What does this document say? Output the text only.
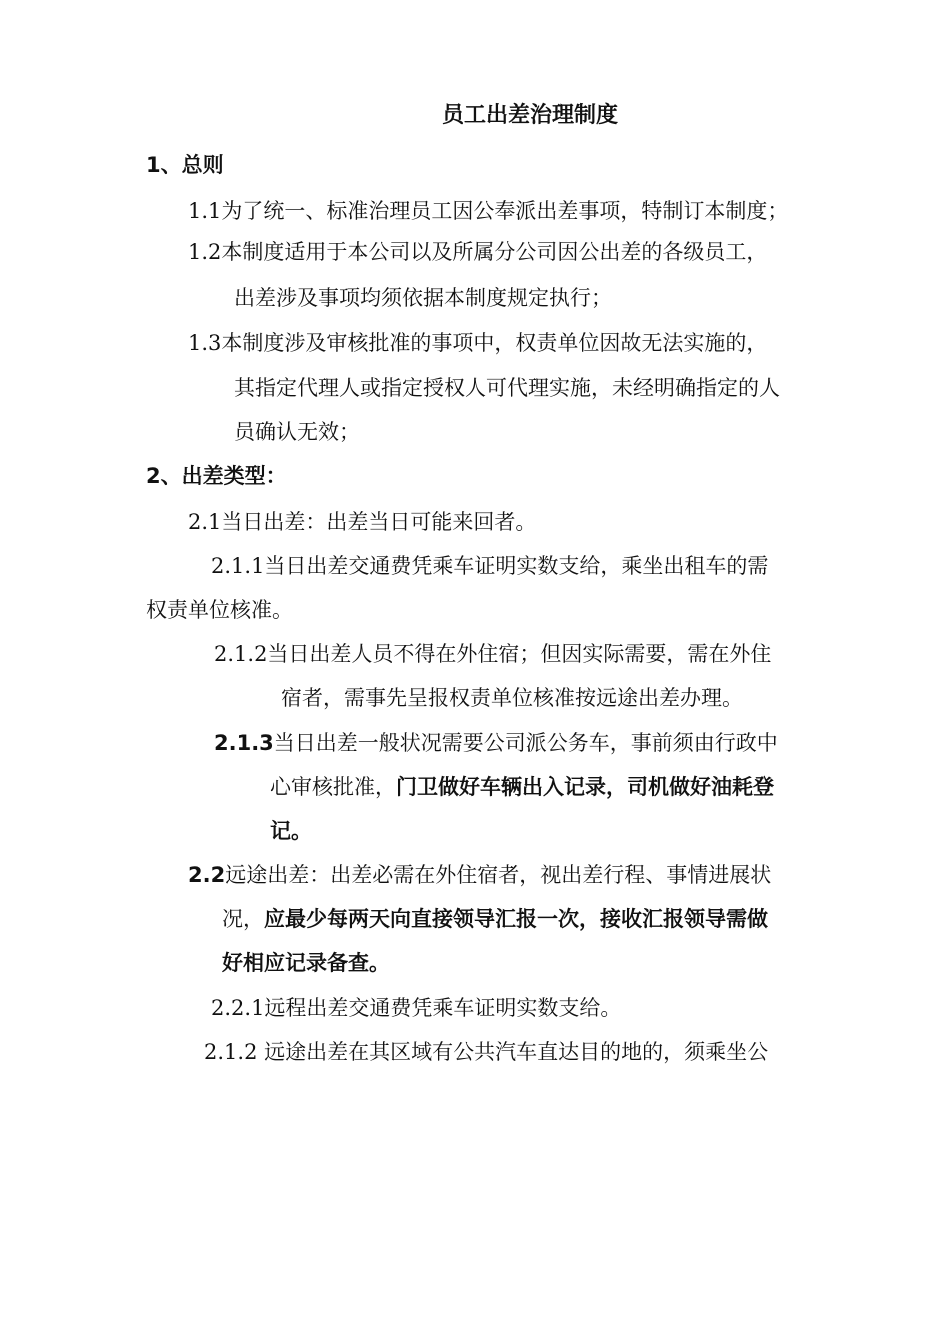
员工出差治理制度
1、总则
1.1为了统一、标准治理员工因公奉派出差事项，特制订本制度；
1.2本制度适用于本公司以及所属分公司因公出差的各级员工，
出差涉及事项均须依据本制度规定执行；
1.3本制度涉及审核批准的事项中，权责单位因故无法实施的，
其指定代理人或指定授权人可代理实施，未经明确指定的人
员确认无效；
2、出差类型：
2.1当日出差：出差当日可能来回者。
2.1.1当日出差交通费凭乘车证明实数支给，乘坐出租车的需
权责单位核准。
2.1.2当日出差人员不得在外住宿；但因实际需要，需在外住
宿者，需事先呈报权责单位核准按远途出差办理。
2.1.3当日出差一般状况需要公司派公务车，事前须由行政中
心审核批准，门卫做好车辆出入记录，司机做好油耗登
记。
2.2远途出差：出差必需在外住宿者，视出差行程、事情进展状
况，应最少每两天向直接领导汇报一次，接收汇报领导需做
好相应记录备查。
2.2.1远程出差交通费凭乘车证明实数支给。
2.1.2 远途出差在其区域有公共汽车直达目的地的，须乘坐公
